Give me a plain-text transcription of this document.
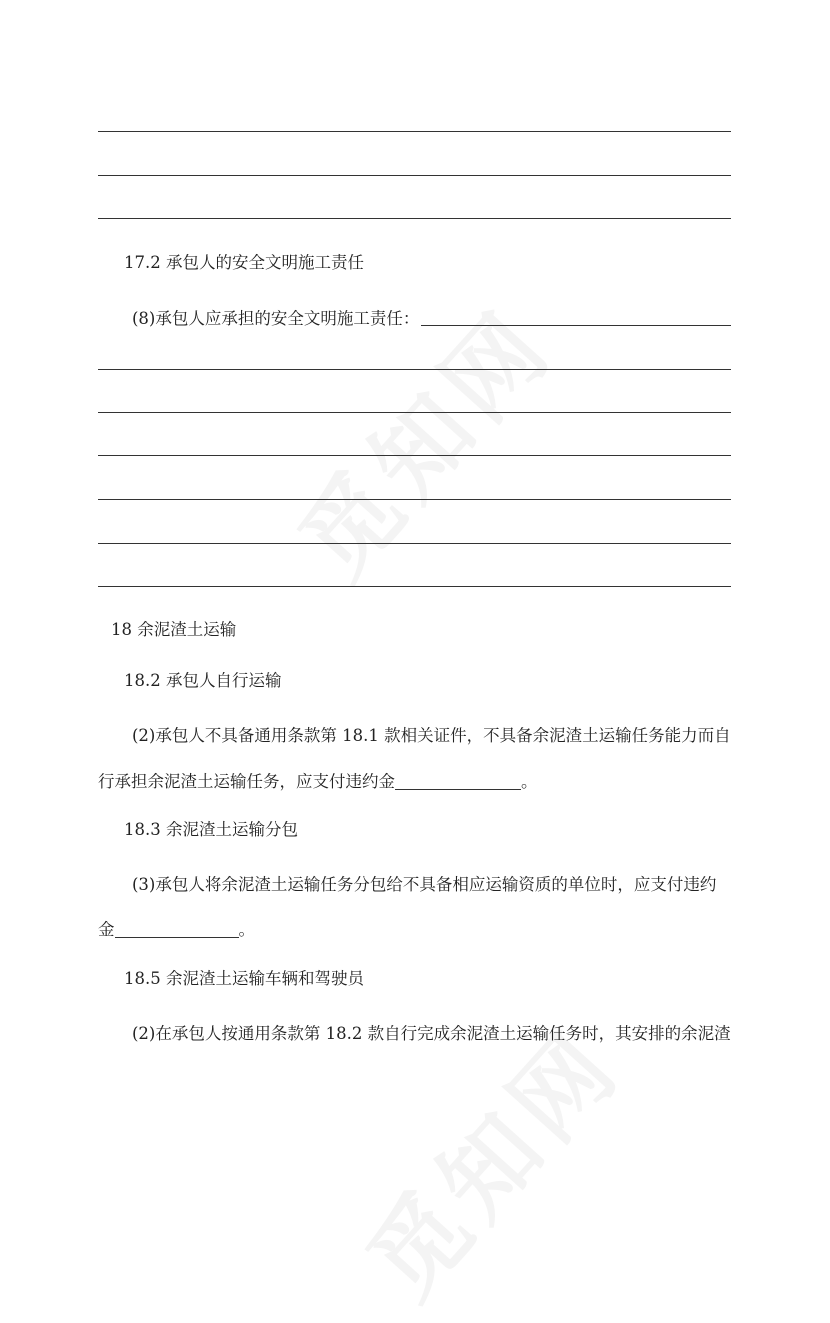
17.2 承包人的安全文明施工责任
(8)承包人应承担的安全文明施工责任：
18 余泥渣土运输
18.2 承包人自行运输
(2)承包人不具备通用条款第 18.1 款相关证件，不具备余泥渣土运输任务能力而自
行承担余泥渣土运输任务，应支付违约金	。
18.3 余泥渣土运输分包
(3)承包人将余泥渣土运输任务分包给不具备相应运输资质的单位时，应支付违约
金	。
18.5 余泥渣土运输车辆和驾驶员
(2)在承包人按通用条款第 18.2 款自行完成余泥渣土运输任务时，其安排的余泥渣
